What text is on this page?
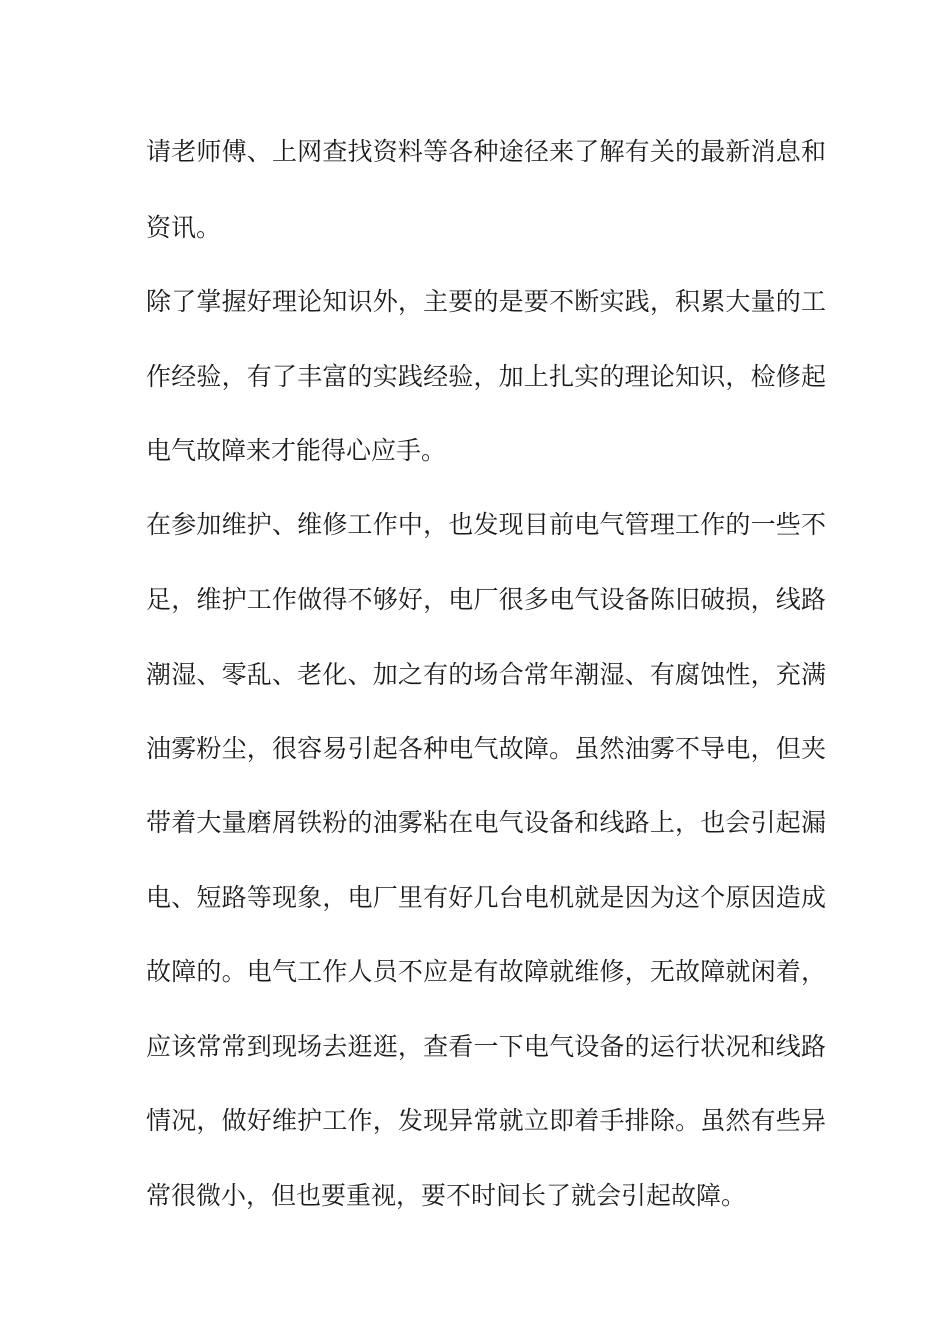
请老师傅、上网查找资料等各种途径来了解有关的最新消息和
资讯。
除了掌握好理论知识外，主要的是要不断实践，积累大量的工
作经验，有了丰富的实践经验，加上扎实的理论知识，检修起
电气故障来才能得心应手。
在参加维护、维修工作中，也发现目前电气管理工作的一些不
足，维护工作做得不够好，电厂很多电气设备陈旧破损，线路
潮湿、零乱、老化、加之有的场合常年潮湿、有腐蚀性，充满
油雾粉尘，很容易引起各种电气故障。虽然油雾不导电，但夹
带着大量磨屑铁粉的油雾粘在电气设备和线路上，也会引起漏
电、短路等现象，电厂里有好几台电机就是因为这个原因造成
故障的。电气工作人员不应是有故障就维修，无故障就闲着，
应该常常到现场去逛逛，查看一下电气设备的运行状况和线路
情况，做好维护工作，发现异常就立即着手排除。虽然有些异
常很微小，但也要重视，要不时间长了就会引起故障。
